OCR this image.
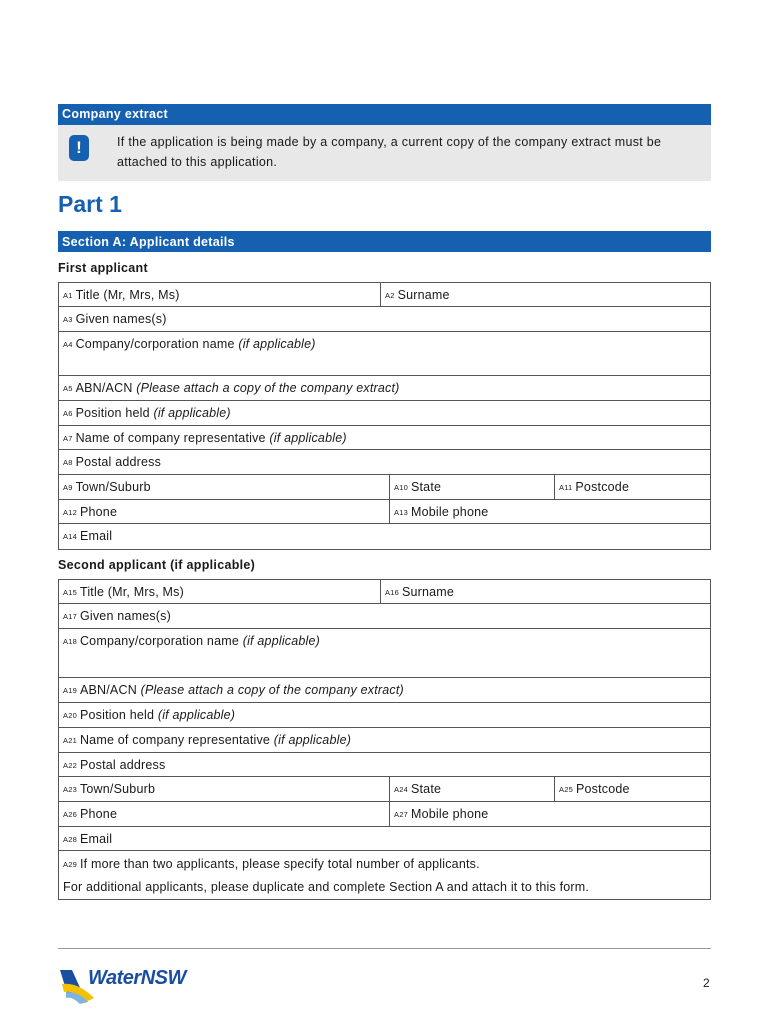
Company extract
!	If the application is being made by a company, a current copy of the company extract must be
attached to this application.
Part 1
Section A: Applicant details
First applicant
A1 Title (Mr, Mrs, Ms)	A2 Surname
A3 Given names(s)
A4 Company/corporation name (if applicable)
A5 ABN/ACN (Please attach a copy of the company extract)
A6 Position held (if applicable)
A7 Name of company representative (if applicable)
A8 Postal address
A9 Town/Suburb	A10 State	A11 Postcode
A12 Phone	A13 Mobile phone
A14 Email
Second applicant (if applicable)
A15 Title (Mr, Mrs, Ms)	A16 Surname
A17 Given names(s)
A18 Company/corporation name (if applicable)
A19 ABN/ACN (Please attach a copy of the company extract)
A20 Position held (if applicable)
A21 Name of company representative (if applicable)
A22 Postal address
A23 Town/Suburb	A24 State	A25 Postcode
A26 Phone	A27 Mobile phone
A28 Email
A29 If more than two applicants, please specify total number of applicants.
For additional applicants, please duplicate and complete Section A and attach it to this form.
WaterNSW	2
